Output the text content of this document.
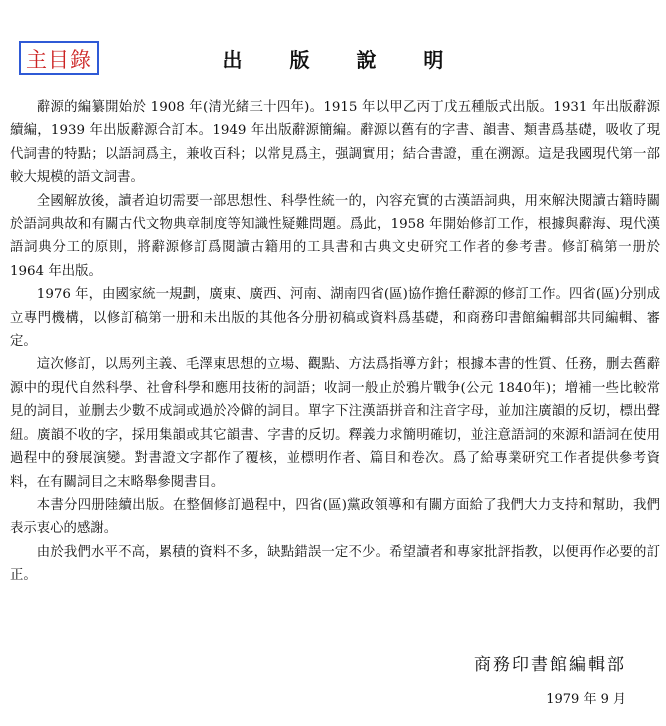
主目錄	出 版 說 明

辭源的編纂開始於 1908 年(清光緒三十四年)。1915 年以甲乙丙丁戊五種版式出版。1931 年出版辭源續編，1939 年出版辭源合訂本。1949 年出版辭源簡編。辭源以舊有的字書、韻書、類書爲基礎，吸收了現代詞書的特點；以語詞爲主，兼收百科；以常見爲主，强調實用；結合書證，重在溯源。這是我國現代第一部較大規模的語文詞書。

全國解放後，讀者迫切需要一部思想性、科學性統一的，內容充實的古漢語詞典，用來解決閱讀古籍時關於語詞典故和有關古代文物典章制度等知識性疑難問題。爲此，1958 年開始修訂工作，根據與辭海、現代漢語詞典分工的原則，將辭源修訂爲閱讀古籍用的工具書和古典文史研究工作者的參考書。修訂稿第一册於 1964 年出版。

1976 年，由國家統一規劃，廣東、廣西、河南、湖南四省(區)協作擔任辭源的修訂工作。四省(區)分别成立專門機構，以修訂稿第一册和未出版的其他各分册初稿或資料爲基礎，和商務印書館編輯部共同編輯、審定。

這次修訂，以馬列主義、毛澤東思想的立場、觀點、方法爲指導方針；根據本書的性質、任務，删去舊辭源中的現代自然科學、社會科學和應用技術的詞語；收詞一般止於鴉片戰争(公元 1840年)；增補一些比較常見的詞目，並删去少數不成詞或過於冷僻的詞目。單字下注漢語拼音和注音字母，並加注廣韻的反切，標出聲紐。廣韻不收的字，採用集韻或其它韻書、字書的反切。釋義力求簡明確切，並注意語詞的來源和語詞在使用過程中的發展演變。對書證文字都作了覆核，並標明作者、篇目和卷次。爲了給專業研究工作者提供參考資料，在有關詞目之末略舉參閱書目。

本書分四册陸續出版。在整個修訂過程中，四省(區)黨政領導和有關方面給了我們大力支持和幫助，我們表示衷心的感謝。

由於我們水平不高，累積的資料不多，缺點錯誤一定不少。希望讀者和專家批評指教，以便再作必要的訂正。

商務印書館編輯部
1979 年 9 月
